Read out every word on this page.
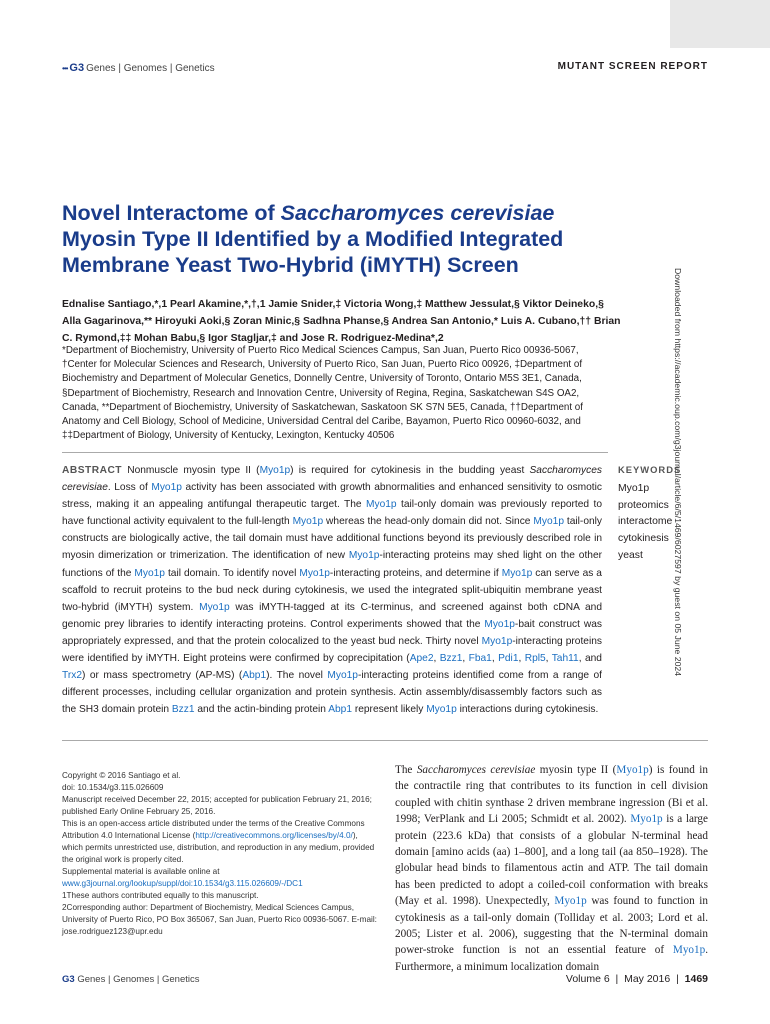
••• G3 Genes | Genomes | Genetics	MUTANT SCREEN REPORT
Novel Interactome of Saccharomyces cerevisiae
Myosin Type II Identified by a Modified Integrated Membrane Yeast Two-Hybrid (iMYTH) Screen
Ednalise Santiago,*,1 Pearl Akamine,*,†,1 Jamie Snider,‡ Victoria Wong,‡ Matthew Jessulat,§ Viktor Deineko,§ Alla Gagarinova,** Hiroyuki Aoki,§ Zoran Minic,§ Sadhna Phanse,§ Andrea San Antonio,* Luis A. Cubano,†† Brian C. Rymond,‡‡ Mohan Babu,§ Igor Stagljar,‡ and Jose R. Rodriguez-Medina*,2
*Department of Biochemistry, University of Puerto Rico Medical Sciences Campus, San Juan, Puerto Rico 00936-5067, †Center for Molecular Sciences and Research, University of Puerto Rico, San Juan, Puerto Rico 00926, ‡Department of Biochemistry and Department of Molecular Genetics, Donnelly Centre, University of Toronto, Ontario M5S 3E1, Canada, §Department of Biochemistry, Research and Innovation Centre, University of Regina, Regina, Saskatchewan S4S OA2, Canada, **Department of Biochemistry, University of Saskatchewan, Saskatoon SK S7N 5E5, Canada, ††Department of Anatomy and Cell Biology, School of Medicine, Universidad Central del Caribe, Bayamon, Puerto Rico 00960-6032, and ‡‡Department of Biology, University of Kentucky, Lexington, Kentucky 40506	Downloaded from https://academic.oup.com/g3journal/article/6/5/1469/6027597 by guest on 05 June 2024
ABSTRACT Nonmuscle myosin type II (Myo1p) is required for cytokinesis in the budding yeast Saccharomyces cerevisiae. Loss of Myo1p activity has been associated with growth abnormalities and enhanced sensitivity to osmotic stress, making it an appealing antifungal therapeutic target. The Myo1p tail-only domain was previously reported to have functional activity equivalent to the full-length Myo1p whereas the head-only domain did not. Since Myo1p tail-only constructs are biologically active, the tail domain must have additional functions beyond its previously described role in myosin dimerization or trimerization. The identification of new Myo1p-interacting proteins may shed light on the other functions of the Myo1p tail domain. To identify novel Myo1p-interacting proteins, and determine if Myo1p can serve as a scaffold to recruit proteins to the bud neck during cytokinesis, we used the integrated split-ubiquitin membrane yeast two-hybrid (iMYTH) system. Myo1p was iMYTH-tagged at its C-terminus, and screened against both cDNA and genomic prey libraries to identify interacting proteins. Control experiments showed that the Myo1p-bait construct was appropriately expressed, and that the protein colocalized to the yeast bud neck. Thirty novel Myo1p-interacting proteins were identified by iMYTH. Eight proteins were confirmed by coprecipitation (Ape2, Bzz1, Fba1, Pdi1, Rpl5, Tah11, and Trx2) or mass spectrometry (AP-MS) (Abp1). The novel Myo1p-interacting proteins identified come from a range of different processes, including cellular organization and protein synthesis. Actin assembly/disassembly factors such as the SH3 domain protein Bzz1 and the actin-binding protein Abp1 represent likely Myo1p interactions during cytokinesis.
KEYWORDS
Myo1p
proteomics
interactome
cytokinesis
yeast

Copyright © 2016 Santiago et al.

doi: 10.1534/g3.115.026609

Manuscript received December 22, 2015; accepted for publication February 21, 2016; published Early Online February 25, 2016.

This is an open-access article distributed under the terms of the Creative Commons Attribution 4.0 International License (http://creativecommons.org/licenses/by/4.0/), which permits unrestricted use, distribution, and reproduction in any medium, provided the original work is properly cited.

Supplemental material is available online at www.g3journal.org/lookup/suppl/doi:10.1534/g3.115.026609/-/DC1

1These authors contributed equally to this manuscript.

2Corresponding author: Department of Biochemistry, Medical Sciences Campus, University of Puerto Rico, PO Box 365067, San Juan, Puerto Rico 00936-5067. E-mail: jose.rodriguez123@upr.edu

The Saccharomyces cerevisiae myosin type II (Myo1p) is found in the contractile ring that contributes to its function in cell division coupled with chitin synthase 2 driven membrane ingression (Bi et al. 1998; VerPlank and Li 2005; Schmidt et al. 2002). Myo1p is a large protein (223.6 kDa) that consists of a globular N-terminal head domain [amino acids (aa) 1–800], and a long tail (aa 850–1928). The globular head binds to filamentous actin and ATP. The tail domain has been predicted to adopt a coiled-coil conformation with breaks (May et al. 1998). Unexpectedly, Myo1p was found to function in cytokinesis as a tail-only domain (Tolliday et al. 2003; Lord et al. 2005; Lister et al. 2006), suggesting that the N-terminal domain power-stroke function is not an essential feature of Myo1p. Furthermore, a minimum localization domain
G3 Genes | Genomes | Genetics	Volume 6 | May 2016 | 1469
